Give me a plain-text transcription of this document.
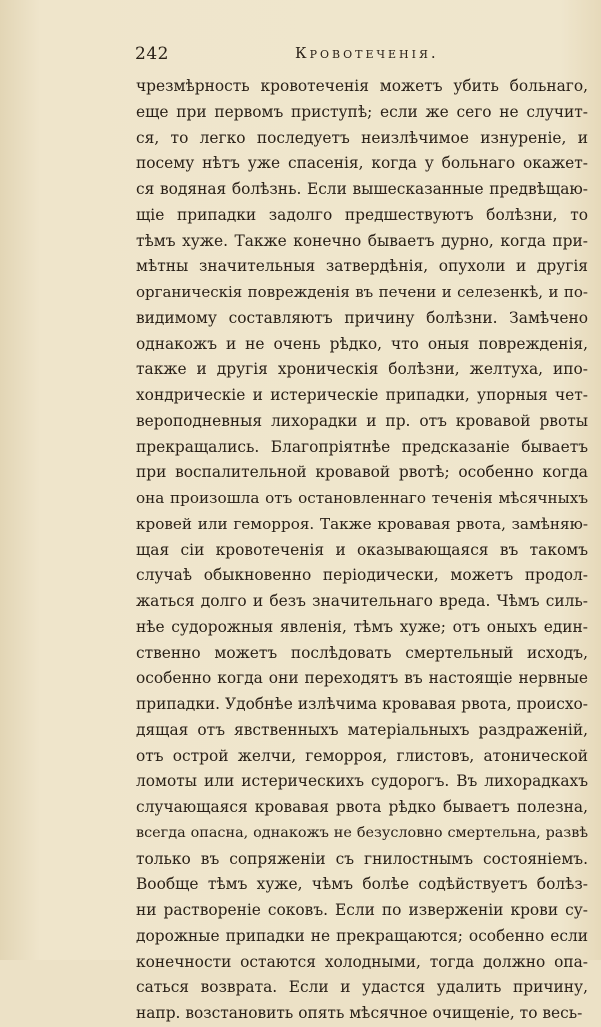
242	Кровотеченія.
чрезмѣрность кровотеченія можетъ убить больнаго,
еще при первомъ приступѣ; если же сего не случит-
ся, то легко последуетъ неизлѣчимое изнуреніе, и
посему нѣтъ уже спасенія, когда у больнаго окажет-
ся водяная болѣзнь. Если вышесказанные предвѣщаю-
щіе припадки задолго предшествуютъ болѣзни, то
тѣмъ хуже. Также конечно бываетъ дурно, когда при-
мѣтны значительныя затвердѣнія, опухоли и другія
органическія поврежденія въ печени и селезенкѣ, и по-
видимому составляютъ причину болѣзни. Замѣчено
однакожъ и не очень рѣдко, что оныя поврежденія,
также и другія хроническія болѣзни, желтуха, ипо-
хондрическіе и истерическіе припадки, упорныя чет-
вероподневныя лихорадки и пр. отъ кровавой рвоты
прекращались. Благопріятнѣе предсказаніе бываетъ
при воспалительной кровавой рвотѣ; особенно когда
она произошла отъ остановленнаго теченія мѣсячныхъ
кровей или геморроя. Также кровавая рвота, замѣняю-
щая сіи кровотеченія и оказывающаяся въ такомъ
случаѣ обыкновенно періодически, можетъ продол-
жаться долго и безъ значительнаго вреда. Чѣмъ силь-
нѣе судорожныя явленія, тѣмъ хуже; отъ оныхъ един-
ственно можетъ послѣдовать смертельный исходъ,
особенно когда они переходятъ въ настоящіе нервные
припадки. Удобнѣе излѣчима кровавая рвота, происхо-
дящая отъ явственныхъ матеріальныхъ раздраженій,
отъ острой желчи, геморроя, глистовъ, атонической
ломоты или истерическихъ судорогъ. Въ лихорадкахъ
случающаяся кровавая рвота рѣдко бываетъ полезна,
всегда опасна, однакожъ не безусловно смертельна, развѣ
только въ сопряженіи съ гнилостнымъ состояніемъ.
Вообще тѣмъ хуже, чѣмъ болѣе содѣйствуетъ болѣз-
ни раствореніе соковъ. Если по изверженіи крови су-
дорожные припадки не прекращаются; особенно если
конечности остаются холодными, тогда должно опа-
саться возврата. Если и удастся удалить причину,
напр. возстановить опять мѣсячное очищеніе, то весь-
